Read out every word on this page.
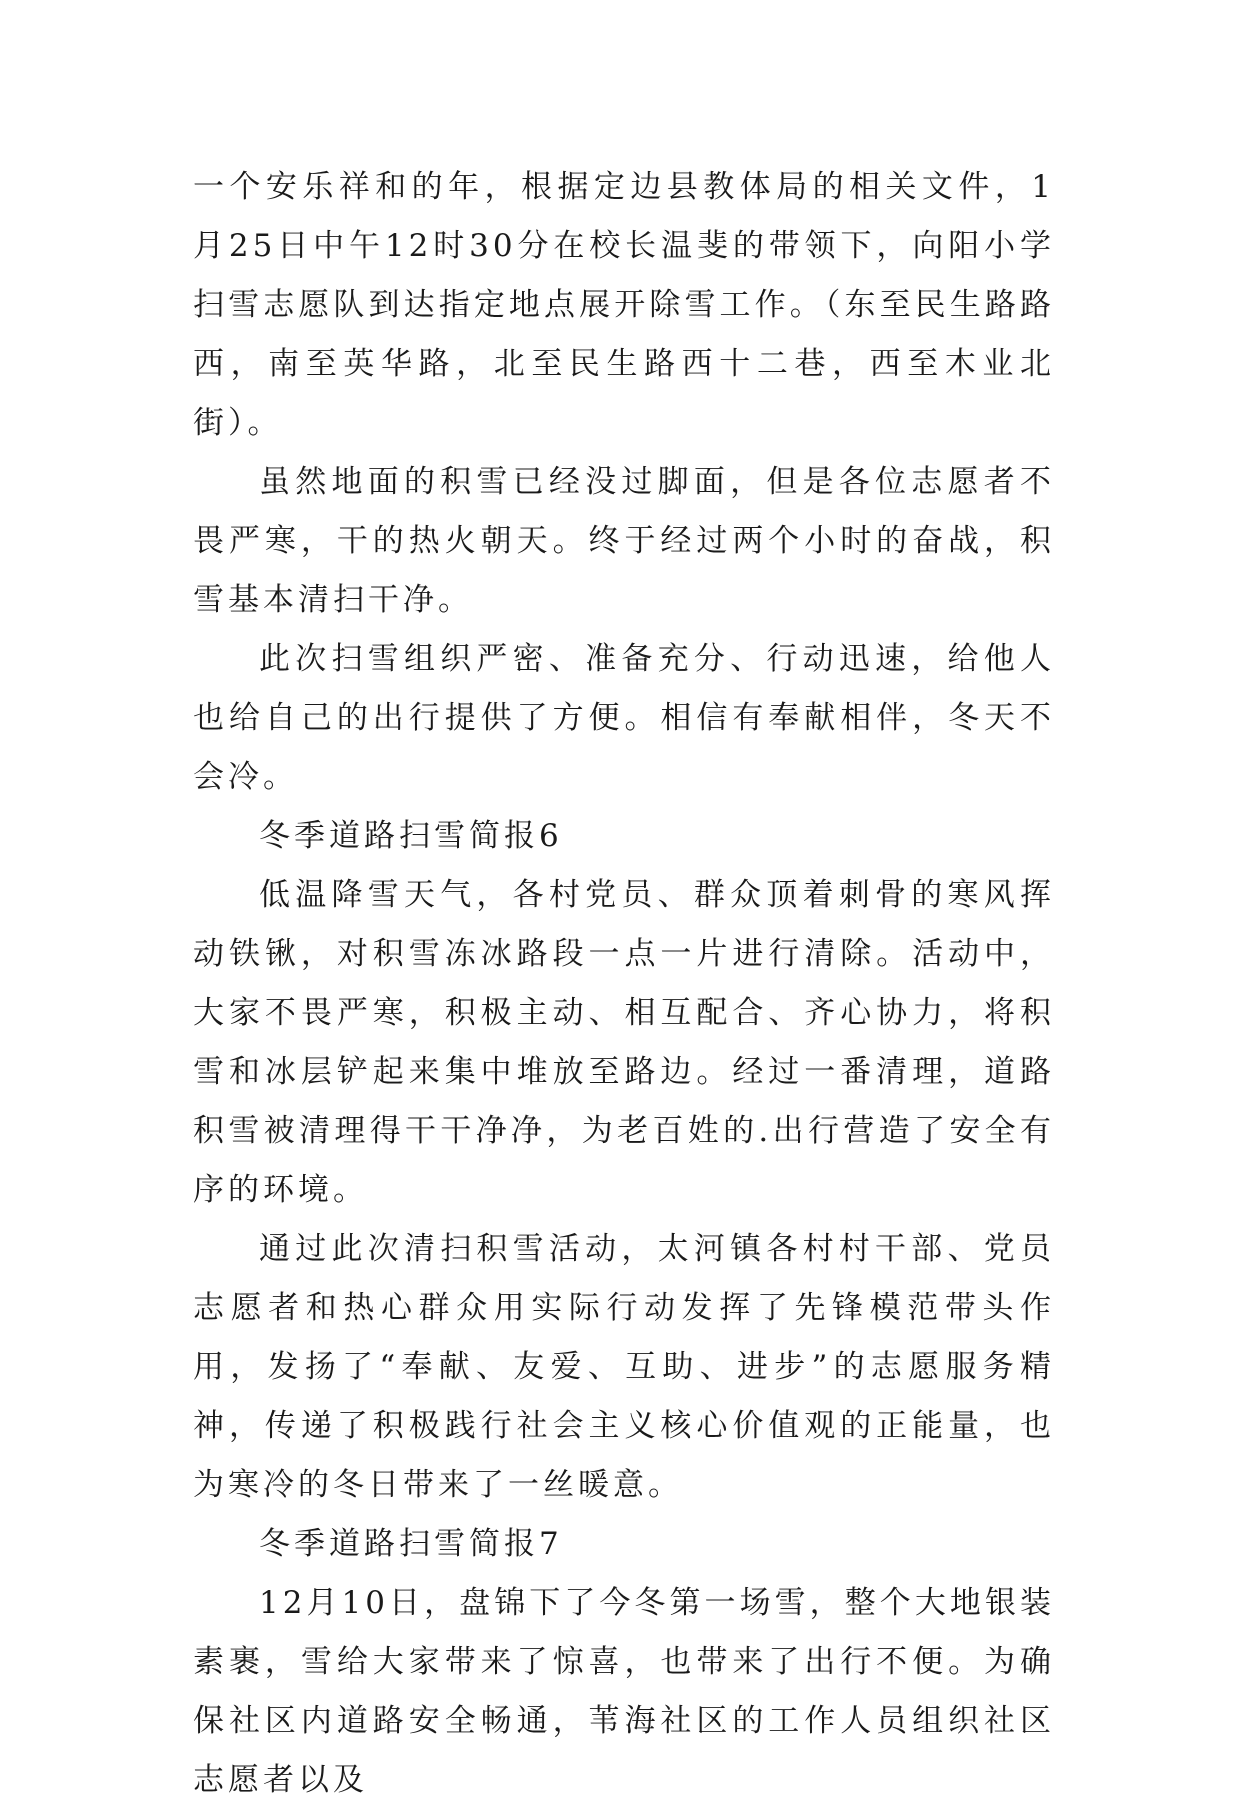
一个安乐祥和的年，根据定边县教体局的相关文件，1月25日中午12时30分在校长温斐的带领下，向阳小学扫雪志愿队到达指定地点展开除雪工作。（东至民生路路西，南至英华路，北至民生路西十二巷，西至木业北街）。

虽然地面的积雪已经没过脚面，但是各位志愿者不畏严寒，干的热火朝天。终于经过两个小时的奋战，积雪基本清扫干净。

此次扫雪组织严密、准备充分、行动迅速，给他人也给自己的出行提供了方便。相信有奉献相伴，冬天不会冷。

冬季道路扫雪简报6

低温降雪天气，各村党员、群众顶着刺骨的寒风挥动铁锹，对积雪冻冰路段一点一片进行清除。活动中，大家不畏严寒，积极主动、相互配合、齐心协力，将积雪和冰层铲起来集中堆放至路边。经过一番清理，道路积雪被清理得干干净净，为老百姓的.出行营造了安全有序的环境。

通过此次清扫积雪活动，太河镇各村村干部、党员志愿者和热心群众用实际行动发挥了先锋模范带头作用，发扬了“奉献、友爱、互助、进步”的志愿服务精神，传递了积极践行社会主义核心价值观的正能量，也为寒冷的冬日带来了一丝暖意。

冬季道路扫雪简报7

12月10日，盘锦下了今冬第一场雪，整个大地银装素裹，雪给大家带来了惊喜，也带来了出行不便。为确保社区内道路安全畅通，苇海社区的工作人员组织社区志愿者以及
